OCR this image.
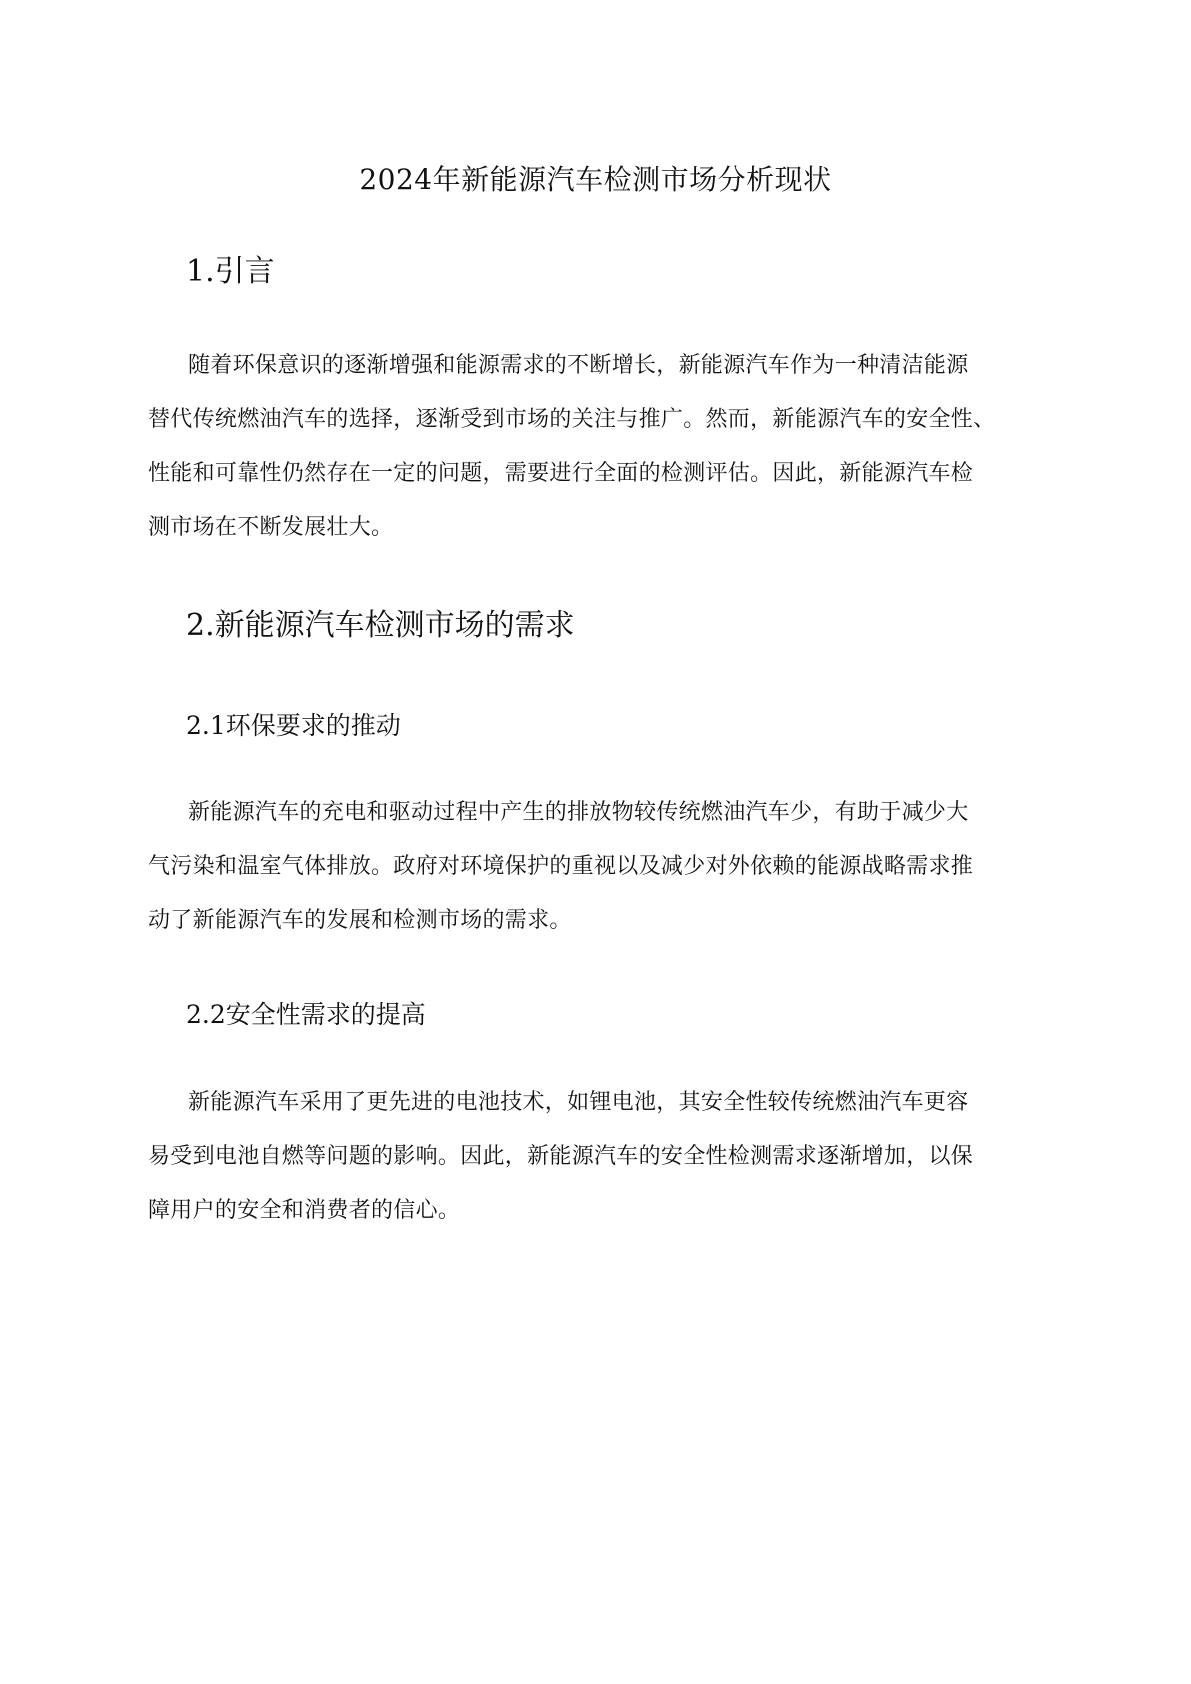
2024年新能源汽车检测市场分析现状
1.引言
随着环保意识的逐渐增强和能源需求的不断增长，新能源汽车作为一种清洁能源
替代传统燃油汽车的选择，逐渐受到市场的关注与推广。然而，新能源汽车的安全性、
性能和可靠性仍然存在一定的问题，需要进行全面的检测评估。因此，新能源汽车检
测市场在不断发展壮大。
2.新能源汽车检测市场的需求
2.1环保要求的推动
新能源汽车的充电和驱动过程中产生的排放物较传统燃油汽车少，有助于减少大
气污染和温室气体排放。政府对环境保护的重视以及减少对外依赖的能源战略需求推
动了新能源汽车的发展和检测市场的需求。
2.2安全性需求的提高
新能源汽车采用了更先进的电池技术，如锂电池，其安全性较传统燃油汽车更容
易受到电池自燃等问题的影响。因此，新能源汽车的安全性检测需求逐渐增加，以保
障用户的安全和消费者的信心。
